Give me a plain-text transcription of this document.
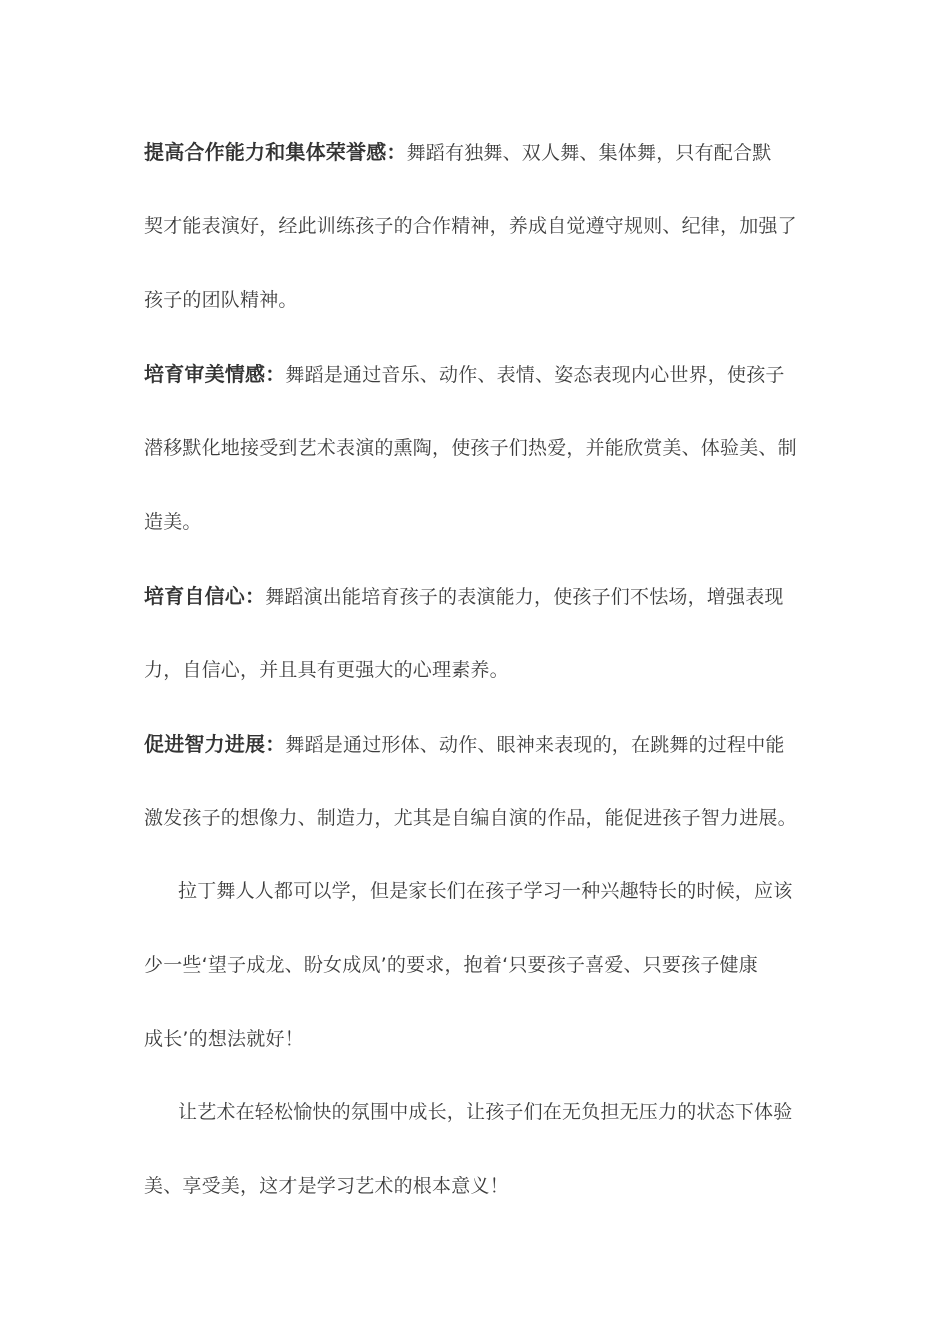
提高合作能力和集体荣誉感：舞蹈有独舞、双人舞、集体舞，只有配合默
契才能表演好，经此训练孩子的合作精神，养成自觉遵守规则、纪律，加强了
孩子的团队精神。
培育审美情感：舞蹈是通过音乐、动作、表情、姿态表现内心世界，使孩子
潜移默化地接受到艺术表演的熏陶，使孩子们热爱，并能欣赏美、体验美、制
造美。
培育自信心：舞蹈演出能培育孩子的表演能力，使孩子们不怯场，增强表现
力，自信心，并且具有更强大的心理素养。
促进智力进展：舞蹈是通过形体、动作、眼神来表现的，在跳舞的过程中能
激发孩子的想像力、制造力，尤其是自编自演的作品，能促进孩子智力进展。
拉丁舞人人都可以学，但是家长们在孩子学习一种兴趣特长的时候，应该
少一些‘望子成龙、盼女成凤’的要求，抱着‘只要孩子喜爱、只要孩子健康
成长’的想法就好！
让艺术在轻松愉快的氛围中成长，让孩子们在无负担无压力的状态下体验
美、享受美，这才是学习艺术的根本意义！
